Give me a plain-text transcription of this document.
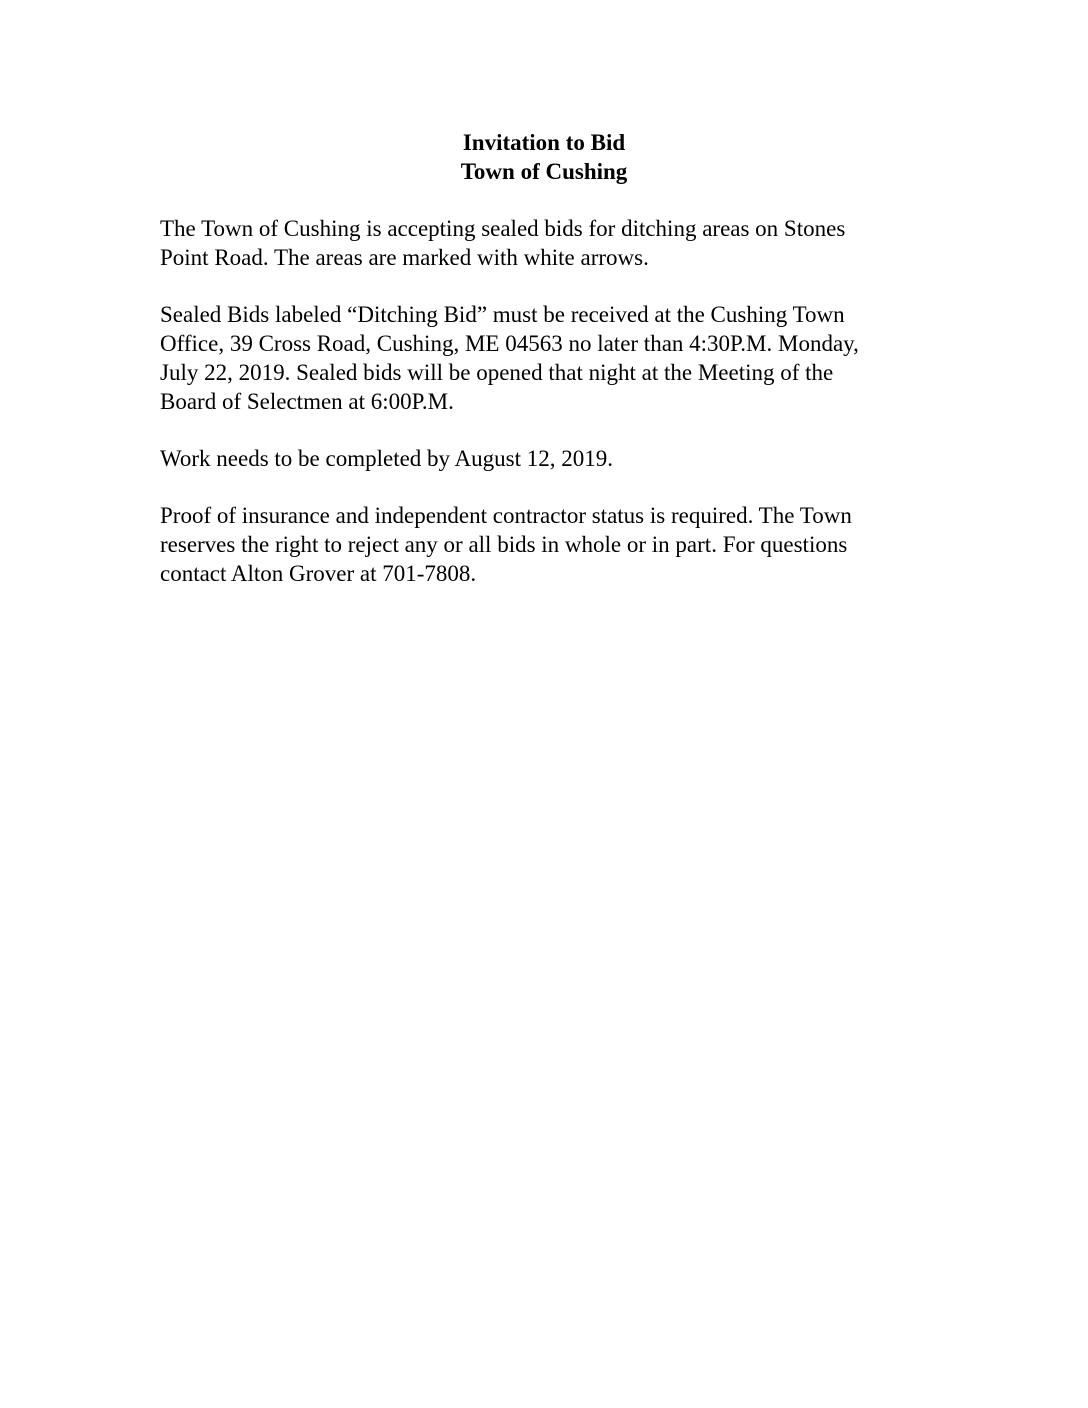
Invitation to Bid
Town of Cushing

The Town of Cushing is accepting sealed bids for ditching areas on Stones
Point Road. The areas are marked with white arrows.

Sealed Bids labeled “Ditching Bid” must be received at the Cushing Town
Office, 39 Cross Road, Cushing, ME 04563 no later than 4:30P.M. Monday,
July 22, 2019. Sealed bids will be opened that night at the Meeting of the
Board of Selectmen at 6:00P.M.

Work needs to be completed by August 12, 2019.

Proof of insurance and independent contractor status is required. The Town
reserves the right to reject any or all bids in whole or in part. For questions
contact Alton Grover at 701-7808.
